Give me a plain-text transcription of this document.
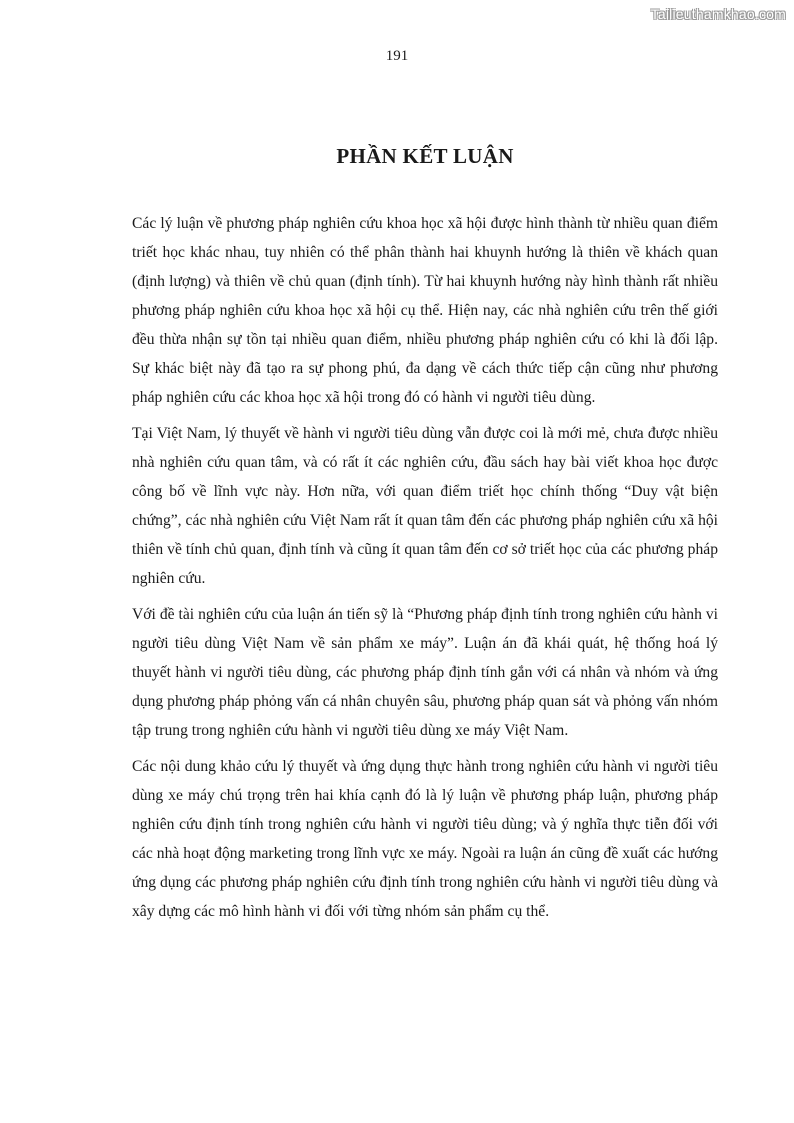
Tailieuthamkhao.com
191
PHẦN KẾT LUẬN

Các lý luận về phương pháp nghiên cứu khoa học xã hội được hình thành từ nhiều quan điểm triết học khác nhau, tuy nhiên có thể phân thành hai khuynh hướng là thiên về khách quan (định lượng) và thiên về chủ quan (định tính). Từ hai khuynh hướng này hình thành rất nhiều phương pháp nghiên cứu khoa học xã hội cụ thể. Hiện nay, các nhà nghiên cứu trên thế giới đều thừa nhận sự tồn tại nhiều quan điểm, nhiều phương pháp nghiên cứu có khi là đối lập. Sự khác biệt này đã tạo ra sự phong phú, đa dạng về cách thức tiếp cận cũng như phương pháp nghiên cứu các khoa học xã hội trong đó có hành vi người tiêu dùng.

Tại Việt Nam, lý thuyết về hành vi người tiêu dùng vẫn được coi là mới mẻ, chưa được nhiều nhà nghiên cứu quan tâm, và có rất ít các nghiên cứu, đầu sách hay bài viết khoa học được công bố về lĩnh vực này. Hơn nữa, với quan điểm triết học chính thống “Duy vật biện chứng”, các nhà nghiên cứu Việt Nam rất ít quan tâm đến các phương pháp nghiên cứu xã hội thiên về tính chủ quan, định tính và cũng ít quan tâm đến cơ sở triết học của các phương pháp nghiên cứu.

Với đề tài nghiên cứu của luận án tiến sỹ là “Phương pháp định tính trong nghiên cứu hành vi người tiêu dùng Việt Nam về sản phẩm xe máy”. Luận án đã khái quát, hệ thống hoá lý thuyết hành vi người tiêu dùng, các phương pháp định tính gắn với cá nhân và nhóm và ứng dụng phương pháp phỏng vấn cá nhân chuyên sâu, phương pháp quan sát và phỏng vấn nhóm tập trung trong nghiên cứu hành vi người tiêu dùng xe máy Việt Nam.

Các nội dung khảo cứu lý thuyết và ứng dụng thực hành trong nghiên cứu hành vi người tiêu dùng xe máy chú trọng trên hai khía cạnh đó là lý luận về phương pháp luận, phương pháp nghiên cứu định tính trong nghiên cứu hành vi người tiêu dùng; và ý nghĩa thực tiễn đối với các nhà hoạt động marketing trong lĩnh vực xe máy. Ngoài ra luận án cũng đề xuất các hướng ứng dụng các phương pháp nghiên cứu định tính trong nghiên cứu hành vi người tiêu dùng và xây dựng các mô hình hành vi đối với từng nhóm sản phẩm cụ thể.
